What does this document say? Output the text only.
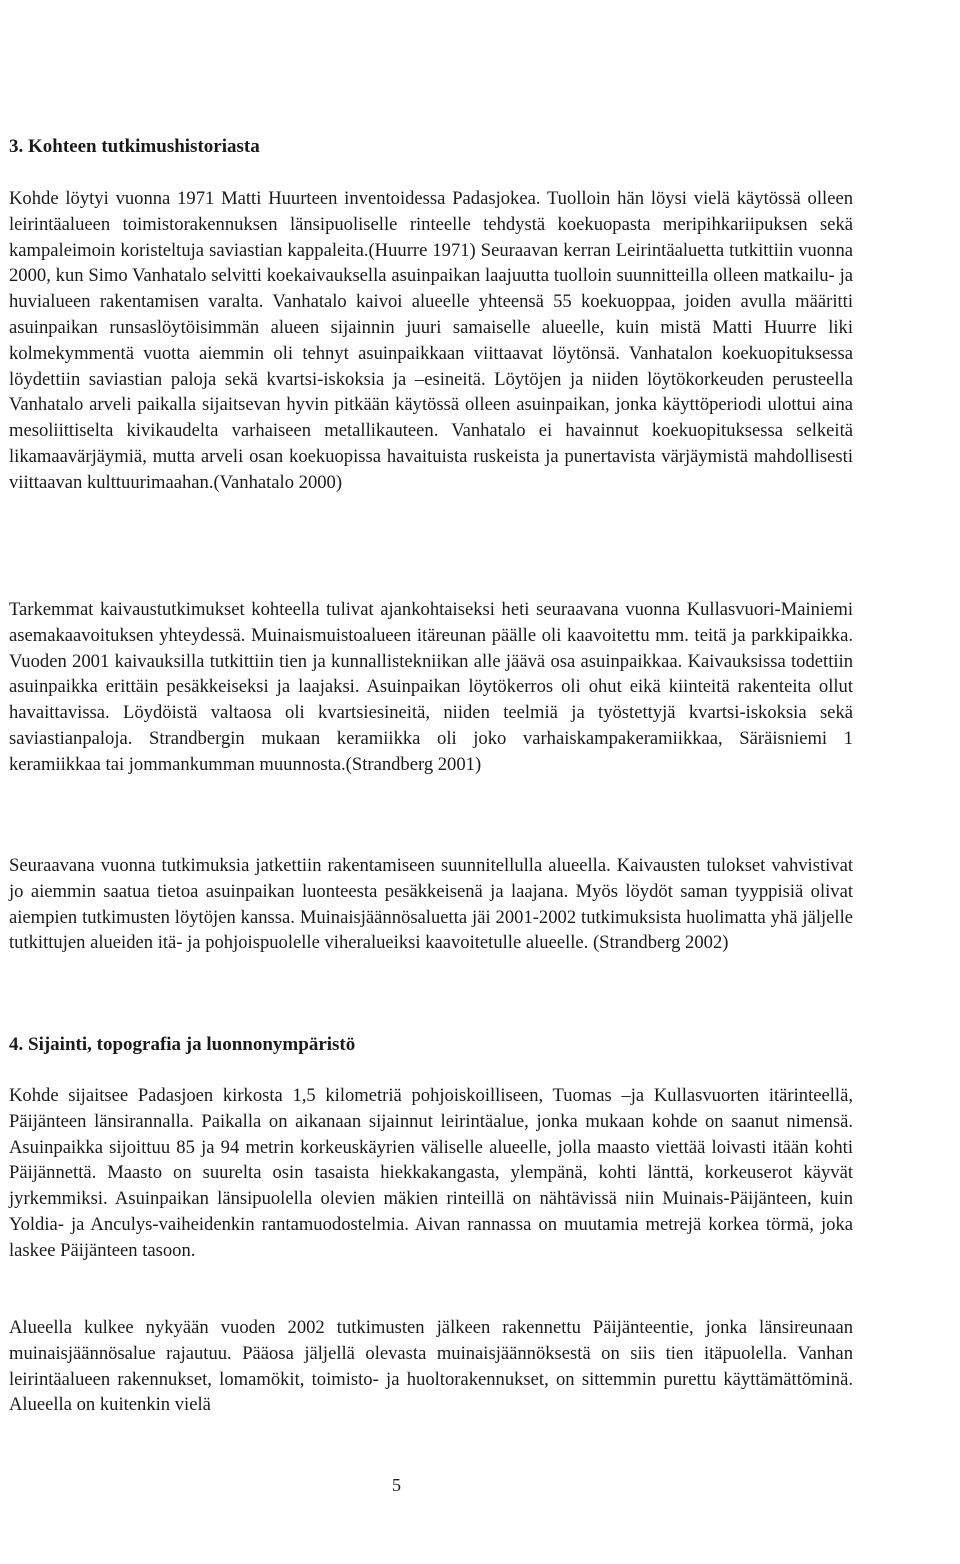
3. Kohteen tutkimushistoriasta
Kohde löytyi vuonna 1971 Matti Huurteen inventoidessa Padasjokea. Tuolloin hän löysi vielä käytössä olleen leirintäalueen toimistorakennuksen länsipuoliselle rinteelle tehdystä koekuopasta meripihkariipuksen sekä kampaleimoin koristeltuja saviastian kappaleita.(Huurre 1971) Seuraavan kerran Leirintäaluetta tutkittiin vuonna 2000, kun Simo Vanhatalo selvitti koekaivauksella asuinpaikan laajuutta tuolloin suunnitteilla olleen matkailu- ja huvialueen rakentamisen varalta. Vanhatalo kaivoi alueelle yhteensä 55 koekuoppaa, joiden avulla määritti asuinpaikan runsaslöytöisimmän alueen sijainnin juuri samaiselle alueelle, kuin mistä Matti Huurre liki kolmekymmentä vuotta aiemmin oli tehnyt asuinpaikkaan viittaavat löytönsä. Vanhatalon koekuopituksessa löydettiin saviastian paloja sekä kvartsi-iskoksia ja –esineitä. Löytöjen ja niiden löytökorkeuden perusteella Vanhatalo arveli paikalla sijaitsevan hyvin pitkään käytössä olleen asuinpaikan, jonka käyttöperiodi ulottui aina mesoliittiselta kivikaudelta varhaiseen metallikauteen. Vanhatalo ei havainnut koekuopituksessa selkeitä likamaavärjäymiä, mutta arveli osan koekuopissa havaituista ruskeista ja punertavista värjäymistä mahdollisesti viittaavan kulttuurimaahan.(Vanhatalo 2000)
Tarkemmat kaivaustutkimukset kohteella tulivat ajankohtaiseksi heti seuraavana vuonna Kullasvuori-Mainiemi asemakaavoituksen yhteydessä. Muinaismuistoalueen itäreunan päälle oli kaavoitettu mm. teitä ja parkkipaikka. Vuoden 2001 kaivauksilla tutkittiin tien ja kunnallistekniikan alle jäävä osa asuinpaikkaa. Kaivauksissa todettiin asuinpaikka erittäin pesäkkeiseksi ja laajaksi. Asuinpaikan löytökerros oli ohut eikä kiinteitä rakenteita ollut havaittavissa. Löydöistä valtaosa oli kvartsiesineitä, niiden teelmiä ja työstettyjä kvartsi-iskoksia sekä saviastianpaloja. Strandbergin mukaan keramiikka oli joko varhaiskampakeramiikkaa, Säräisniemi 1 keramiikkaa tai jommankumman muunnosta.(Strandberg 2001)
Seuraavana vuonna tutkimuksia jatkettiin rakentamiseen suunnitellulla alueella. Kaivausten tulokset vahvistivat jo aiemmin saatua tietoa asuinpaikan luonteesta pesäkkeisenä ja laajana. Myös löydöt saman tyyppisiä olivat aiempien tutkimusten löytöjen kanssa. Muinaisjäännösaluetta jäi 2001-2002 tutkimuksista huolimatta yhä jäljelle tutkittujen alueiden itä- ja pohjoispuolelle viheralueiksi kaavoitetulle alueelle. (Strandberg 2002)
4. Sijainti, topografia ja luonnonympäristö
Kohde sijaitsee Padasjoen kirkosta 1,5 kilometriä pohjoiskoilliseen, Tuomas –ja Kullasvuorten itärinteellä, Päijänteen länsirannalla. Paikalla on aikanaan sijainnut leirintäalue, jonka mukaan kohde on saanut nimensä. Asuinpaikka sijoittuu 85 ja 94 metrin korkeuskäyrien väliselle alueelle, jolla maasto viettää loivasti itään kohti Päijännettä. Maasto on suurelta osin tasaista hiekkakangasta, ylempänä, kohti länttä, korkeuserot käyvät jyrkemmiksi. Asuinpaikan länsipuolella olevien mäkien rinteillä on nähtävissä niin Muinais-Päijänteen, kuin Yoldia- ja Anculys-vaiheidenkin rantamuodostelmia. Aivan rannassa on muutamia metrejä korkea törmä, joka laskee Päijänteen tasoon.
Alueella kulkee nykyään vuoden 2002 tutkimusten jälkeen rakennettu Päijänteentie, jonka länsireunaan muinaisjäännösalue rajautuu. Pääosa jäljellä olevasta muinaisjäännöksestä on siis tien itäpuolella. Vanhan leirintäalueen rakennukset, lomamökit, toimisto- ja huoltorakennukset, on sittemmin purettu käyttämättöminä. Alueella on kuitenkin vielä
5
